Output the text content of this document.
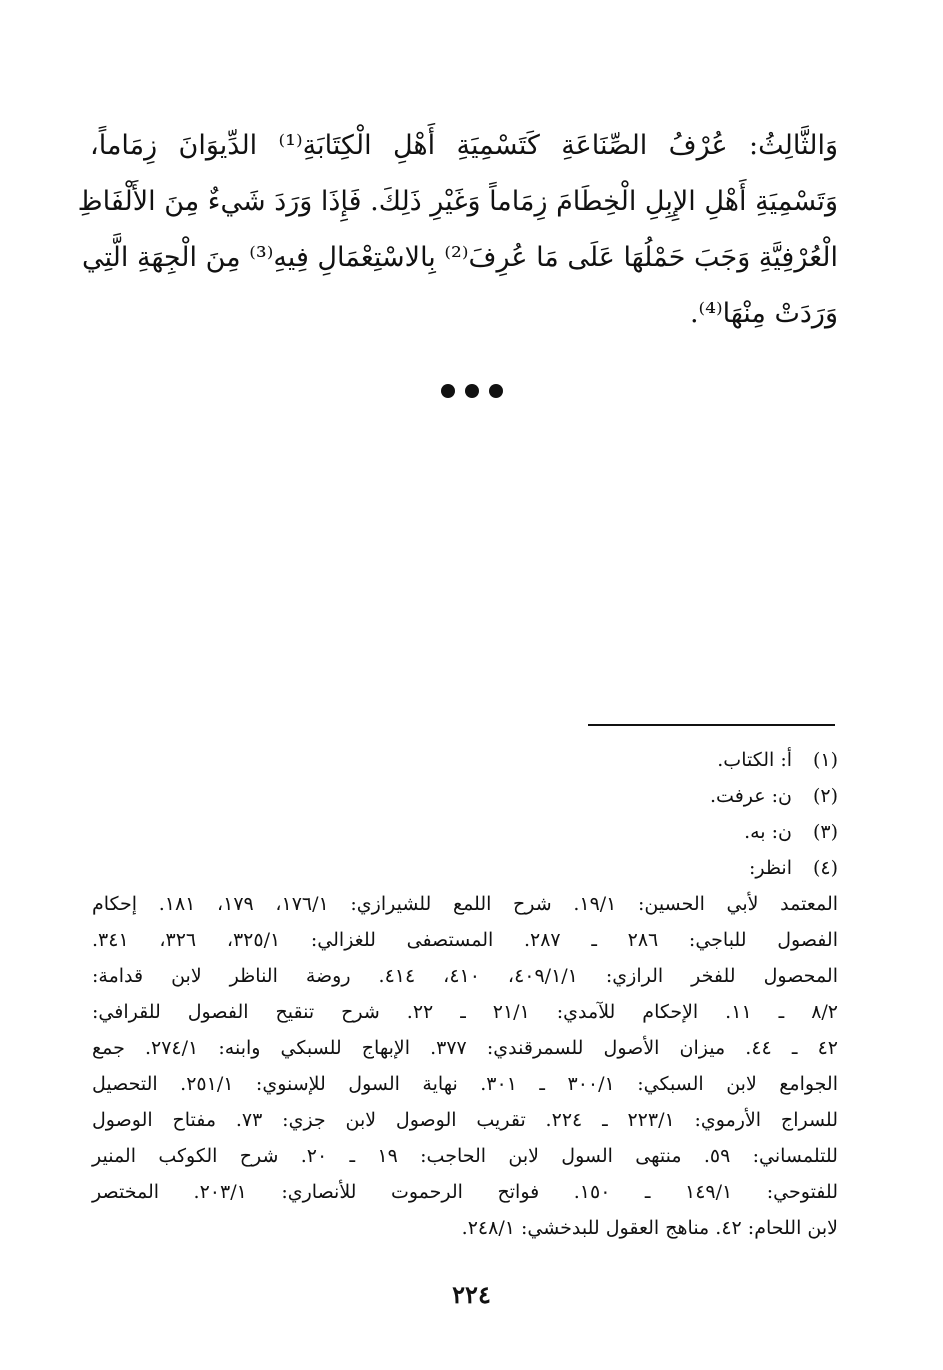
وَالثَّالِثُ: عُرْفُ الصِّنَاعَةِ كَتَسْمِيَةِ أَهْلِ الْكِتَابَةِ⁽¹⁾ الدِّيوَانَ زِمَاماً،
وَتَسْمِيَةِ أَهْلِ الإِبِلِ الْخِطَامَ زِمَاماً وَغَيْرِ ذَلِكَ. فَإِذَا وَرَدَ شَيءٌ مِنَ الأَلْفَاظِ
الْعُرْفِيَّةِ وَجَبَ حَمْلُهَا عَلَى مَا عُرِفَ⁽²⁾ بِالاسْتِعْمَالِ فِيهِ⁽³⁾ مِنَ الْجِهَةِ الَّتِي
وَرَدَتْ مِنْهَا⁽⁴⁾.
(١)أ: الكتاب.
(٢)ن: عرفت.
(٣)ن: به.
(٤)انظر:
المعتمد لأبي الحسين: ١٩/١. شرح اللمع للشيرازي: ١٧٦/١، ١٧٩، ١٨١. إحكام
الفصول للباجي: ٢٨٦ ـ ٢٨٧. المستصفى للغزالي: ٣٢٥/١، ٣٢٦، ٣٤١.
المحصول للفخر الرازي: ٤٠٩/١/١، ٤١٠، ٤١٤. روضة الناظر لابن قدامة:
٨/٢ ـ ١١. الإحكام للآمدي: ٢١/١ ـ ٢٢. شرح تنقيح الفصول للقرافي:
٤٢ ـ ٤٤. ميزان الأصول للسمرقندي: ٣٧٧. الإبهاج للسبكي وابنه: ٢٧٤/١. جمع
الجوامع لابن السبكي: ٣٠٠/١ ـ ٣٠١. نهاية السول للإسنوي: ٢٥١/١. التحصيل
للسراج الأرموي: ٢٢٣/١ ـ ٢٢٤. تقريب الوصول لابن جزي: ٧٣. مفتاح الوصول
للتلمساني: ٥٩. منتهى السول لابن الحاجب: ١٩ ـ ٢٠. شرح الكوكب المنير
للفتوحي: ١٤٩/١ ـ ١٥٠. فواتح الرحموت للأنصاري: ٢٠٣/١. المختصر
لابن اللحام: ٤٢. مناهج العقول للبدخشي: ٢٤٨/١.
٢٢٤
